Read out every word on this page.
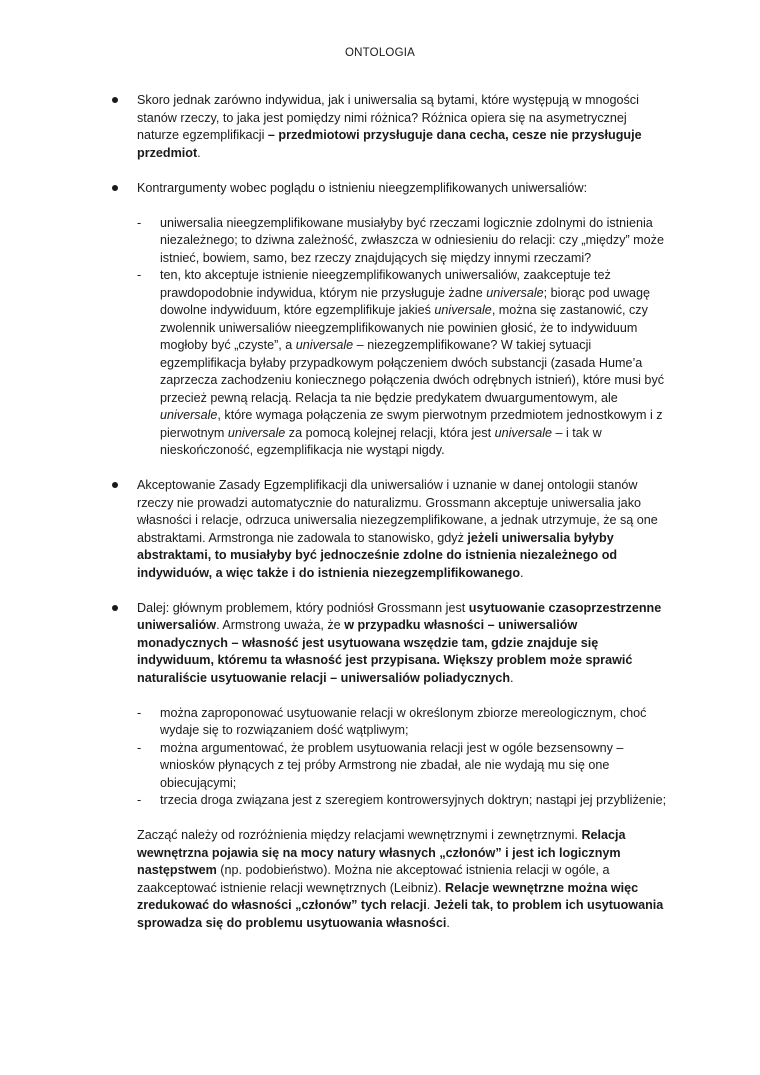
ONTOLOGIA

Skoro jednak zarówno indywidua, jak i uniwersalia są bytami, które występują w mnogości stanów rzeczy, to jaka jest pomiędzy nimi różnica? Różnica opiera się na asymetrycznej naturze egzemplifikacji – przedmiotowi przysługuje dana cecha, cesze nie przysługuje przedmiot.

Kontrargumenty wobec poglądu o istnieniu nieegzemplifikowanych uniwersaliów:

- uniwersalia nieegzemplifikowane musiałyby być rzeczami logicznie zdolnymi do istnienia niezależnego; to dziwna zależność, zwłaszcza w odniesieniu do relacji: czy „między” może istnieć, bowiem, samo, bez rzeczy znajdujących się między innymi rzeczami?
- ten, kto akceptuje istnienie nieegzemplifikowanych uniwersaliów, zaakceptuje też prawdopodobnie indywidua, którym nie przysługuje żadne universale; biorąc pod uwagę dowolne indywiduum, które egzemplifikuje jakieś universale, można się zastanowić, czy zwolennik uniwersaliów nieegzemplifikowanych nie powinien głosić, że to indywiduum mogłoby być „czyste”, a universale – niezegzemplifikowane? W takiej sytuacji egzemplifikacja byłaby przypadkowym połączeniem dwóch substancji (zasada Hume’a zaprzecza zachodzeniu koniecznego połączenia dwóch odrębnych istnień), które musi być przecież pewną relacją. Relacja ta nie będzie predykatem dwuargumentowym, ale universale, które wymaga połączenia ze swym pierwotnym przedmiotem jednostkowym i z pierwotnym universale za pomocą kolejnej relacji, która jest universale – i tak w nieskończoność, egzemplifikacja nie wystąpi nigdy.

Akceptowanie Zasady Egzemplifikacji dla uniwersaliów i uznanie w danej ontologii stanów rzeczy nie prowadzi automatycznie do naturalizmu. Grossmann akceptuje uniwersalia jako własności i relacje, odrzuca uniwersalia niezegzemplifikowane, a jednak utrzymuje, że są one abstraktami. Armstronga nie zadowala to stanowisko, gdyż jeżeli uniwersalia byłyby abstraktami, to musiałyby być jednocześnie zdolne do istnienia niezależnego od indywiduów, a więc także i do istnienia niezegzemplifikowanego.

Dalej: głównym problemem, który podniósł Grossmann jest usytuowanie czasoprzestrzenne uniwersaliów. Armstrong uważa, że w przypadku własności – uniwersaliów monadycznych – własność jest usytuowana wszędzie tam, gdzie znajduje się indywiduum, któremu ta własność jest przypisana. Większy problem może sprawić naturaliście usytuowanie relacji – uniwersaliów poliadycznych.

- można zaproponować usytuowanie relacji w określonym zbiorze mereologicznym, choć wydaje się to rozwiązaniem dość wątpliwym;
- można argumentować, że problem usytuowania relacji jest w ogóle bezsensowny – wniosków płynących z tej próby Armstrong nie zbadał, ale nie wydają mu się one obiecującymi;
- trzecia droga związana jest z szeregiem kontrowersyjnych doktryn; nastąpi jej przybliżenie;

Zacząć należy od rozróżnienia między relacjami wewnętrznymi i zewnętrznymi. Relacja wewnętrzna pojawia się na mocy natury własnych „członów” i jest ich logicznym następstwem (np. podobieństwo). Można nie akceptować istnienia relacji w ogóle, a zaakceptować istnienie relacji wewnętrznych (Leibniz). Relacje wewnętrzne można więc zredukować do własności „członów” tych relacji. Jeżeli tak, to problem ich usytuowania sprowadza się do problemu usytuowania własności.
